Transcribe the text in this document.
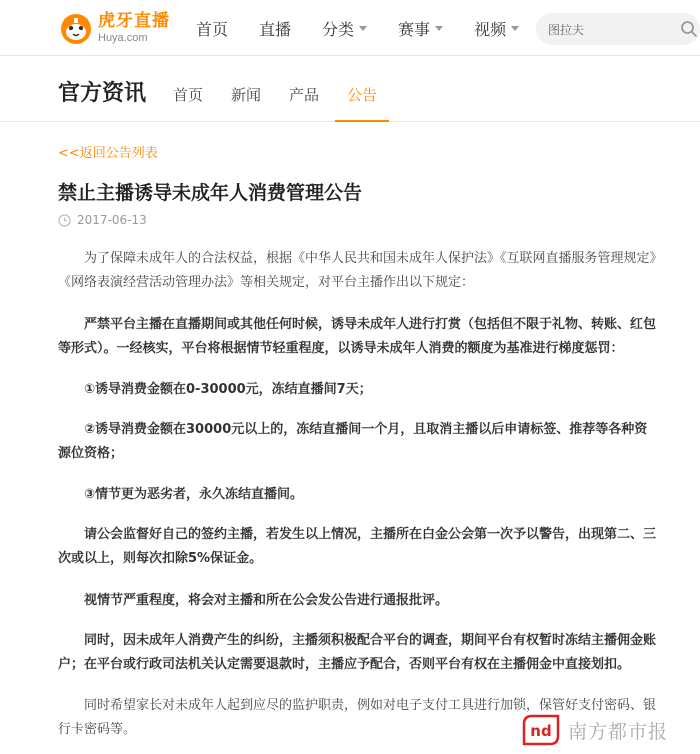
虎牙直播
Huya.com	首页 直播 分类	赛事	视频
图拉夫
官方资讯 首页 新闻 产品	公告
<<返回公告列表
禁止主播诱导未成年人消费管理公告
2017-06-13

为了保障未成年人的合法权益，根据《中华人民共和国未成年人保护法》《互联网直播服务管理规定》《网络表演经营活动管理办法》等相关规定，对平台主播作出以下规定：

严禁平台主播在直播期间或其他任何时候，诱导未成年人进行打赏（包括但不限于礼物、转账、红包等形式）。一经核实，平台将根据情节轻重程度，以诱导未成年人消费的额度为基准进行梯度惩罚：

①诱导消费金额在0-30000元，冻结直播间7天；

②诱导消费金额在30000元以上的，冻结直播间一个月，且取消主播以后申请标签、推荐等各种资源位资格；

③情节更为恶劣者，永久冻结直播间。

请公会监督好自己的签约主播，若发生以上情况，主播所在白金公会第一次予以警告，出现第二、三次或以上，则每次扣除5%保证金。

视情节严重程度，将会对主播和所在公会发公告进行通报批评。

同时，因未成年人消费产生的纠纷，主播须积极配合平台的调查，期间平台有权暂时冻结主播佣金账户；在平台或行政司法机关认定需要退款时，主播应予配合，否则平台有权在主播佣金中直接划扣。

同时希望家长对未成年人起到应尽的监护职责，例如对电子支付工具进行加锁，保管好支付密码、银行卡密码等。	nd 南方都市报
